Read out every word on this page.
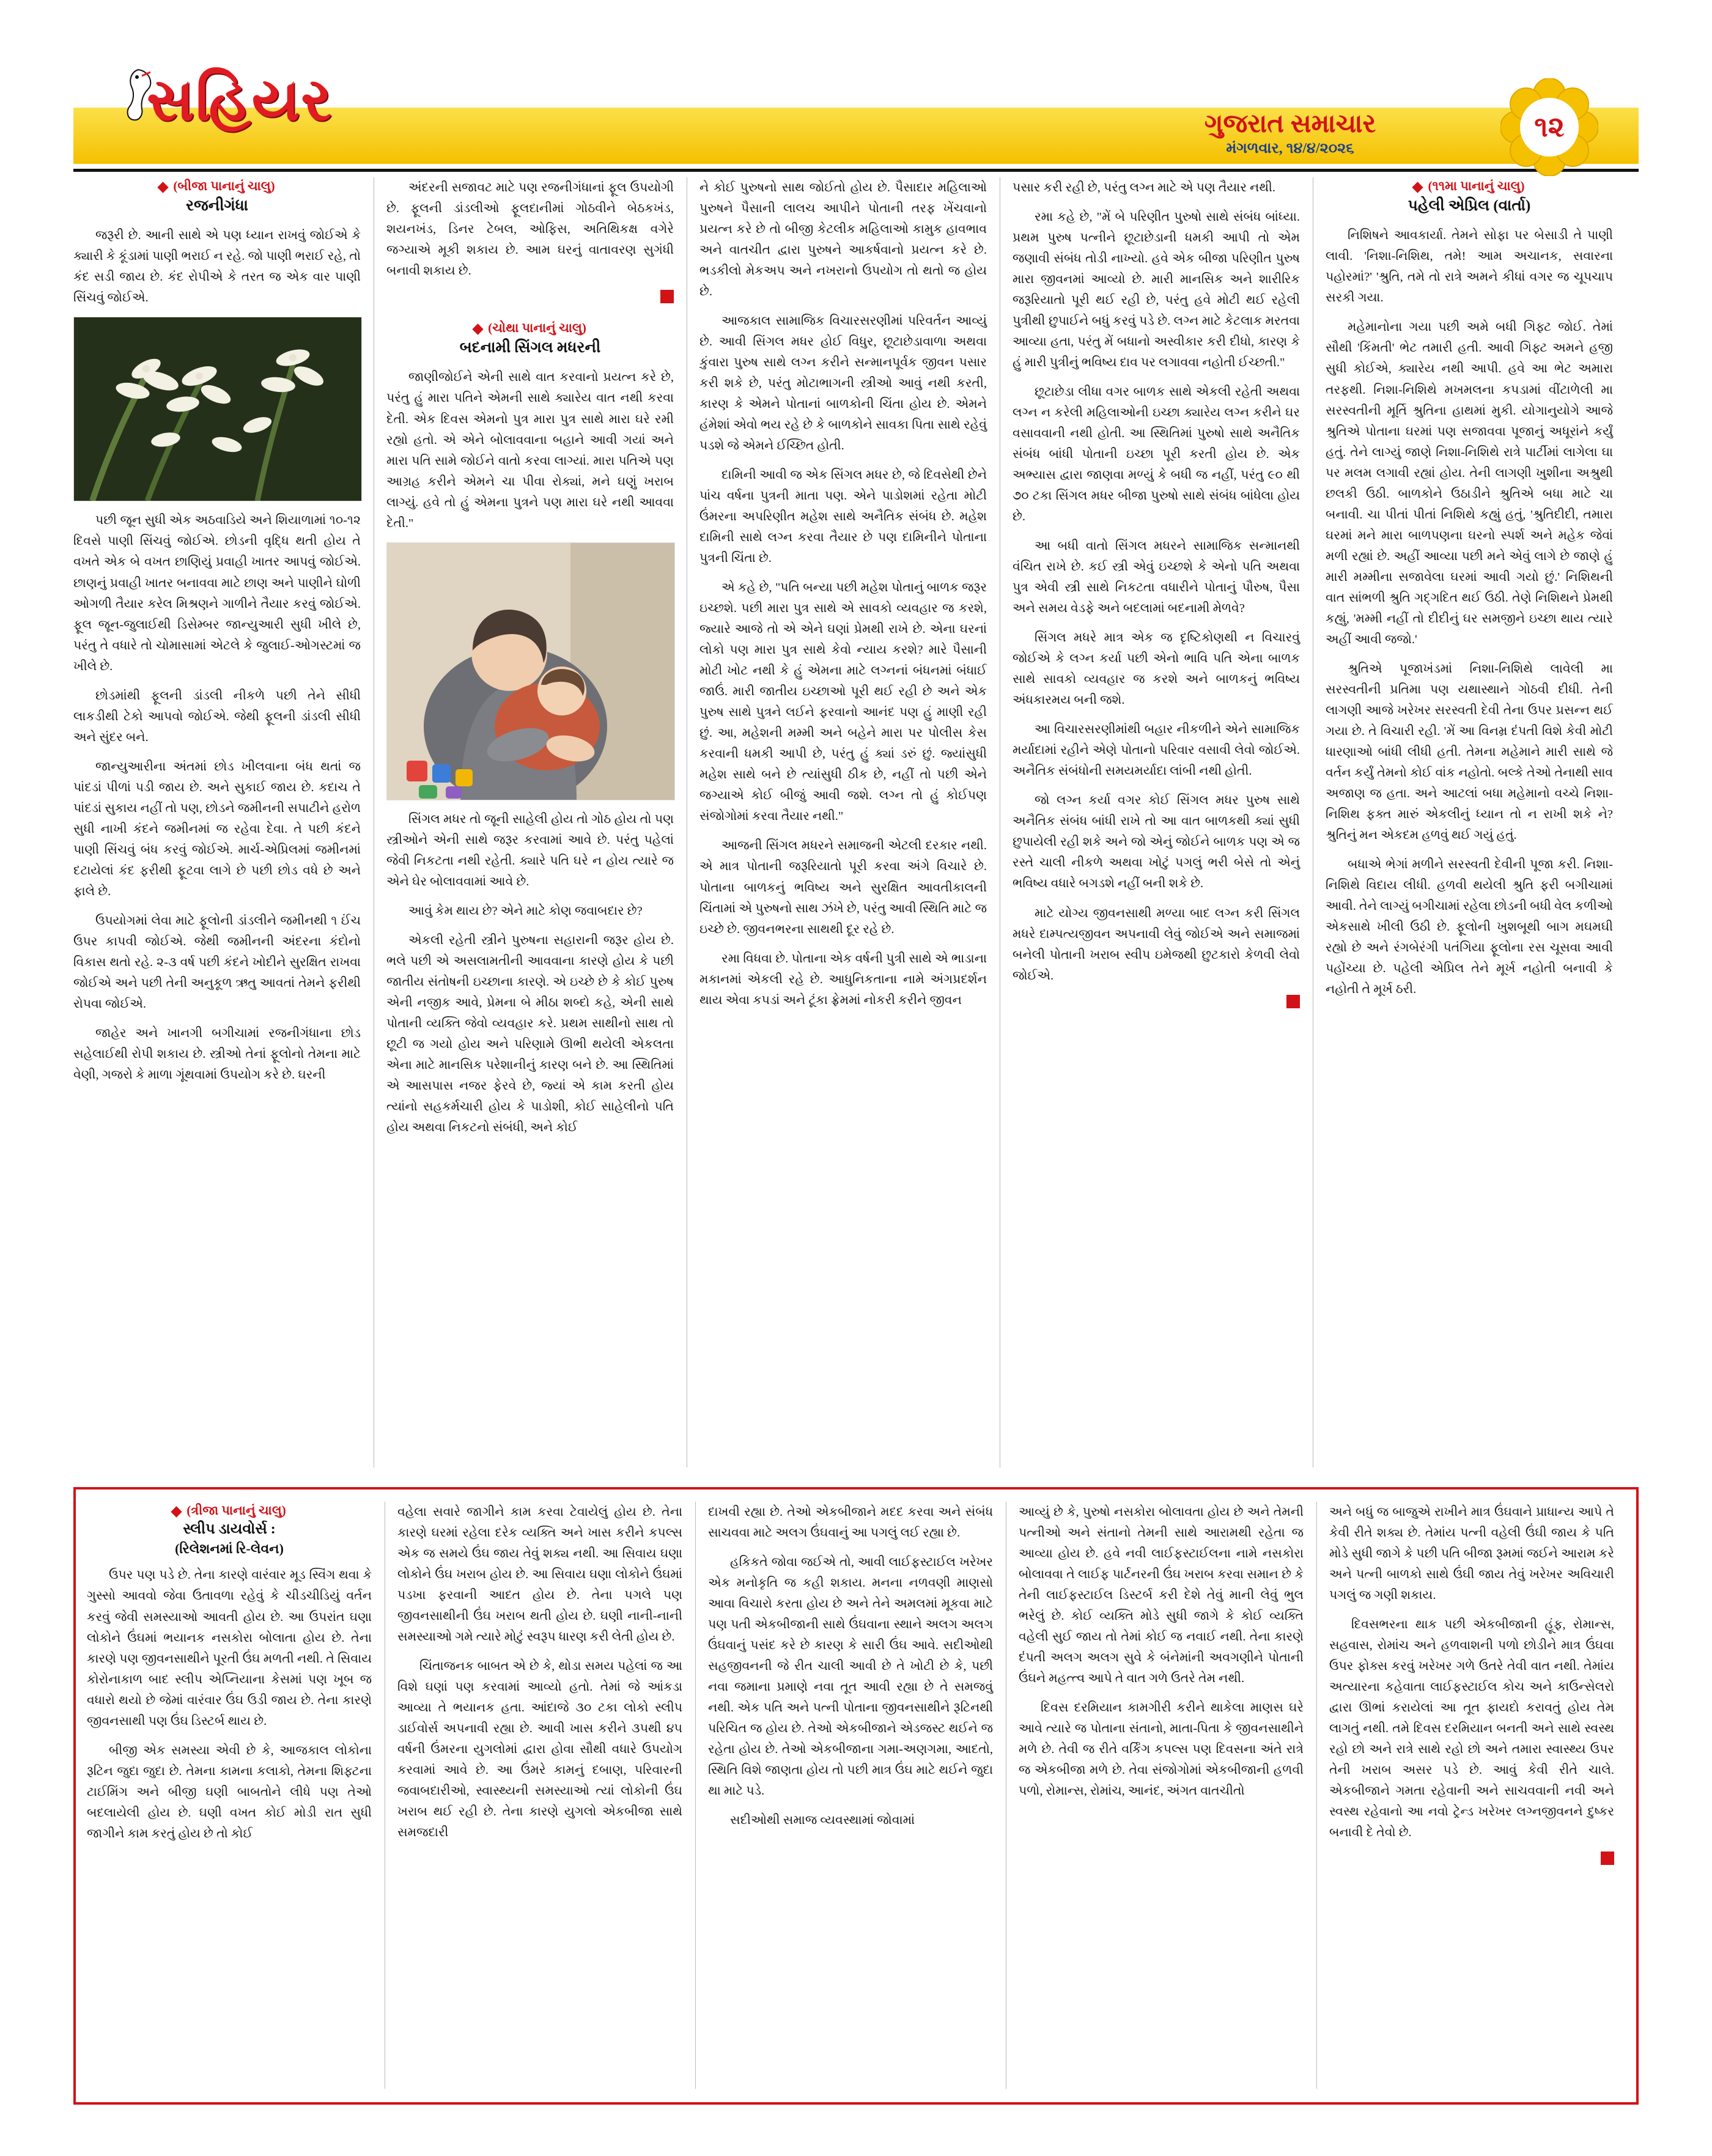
સહિયર	ગુજરાત સમાચાર
મંગળવાર, ૧૪/૪/૨૦૨૬
૧૨
(બીજા પાનાનું ચાલુ)
રજનીગંધા

જરૂરી છે. આની સાથે એ પણ ધ્યાન રાખવું જોઈએ કે ક્યારી કે કૂંડામાં પાણી ભરાઈ ન રહે. જો પાણી ભરાઈ રહે, તો કંદ સડી જાય છે. કંદ રોપીએ કે તરત જ એક વાર પાણી સિંચવું જોઈએ.

પછી જૂન સુધી એક અઠવાડિયે અને શિયાળામાં ૧૦-૧૨ દિવસે પાણી સિંચવું જોઈએ. છોડની વૃદ્ધિ થતી હોય તે વખતે એક બે વખત છાણિયું પ્રવાહી ખાતર આપવું જોઈએ. છાણનું પ્રવાહી ખાતર બનાવવા માટે છાણ અને પાણીને ઘોળી ઓગળી તૈયાર કરેલ મિશ્રણને ગાળીને તૈયાર કરવું જોઈએ. ફૂલ જૂન-જુલાઈથી ડિસેમ્બર જાન્યુઆરી સુધી ખીલે છે, પરંતુ તે વધારે તો ચોમાસામાં એટલે કે જુલાઈ-ઓગસ્ટમાં જ ખીલે છે.

છોડમાંથી ફૂલની ડાંડલી નીકળે પછી તેને સીધી લાકડીથી ટેકો આપવો જોઈએ. જેથી ફૂલની ડાંડલી સીધી અને સુંદર બને.

જાન્યુઆરીના અંતમાં છોડ ખીલવાના બંધ થતાં જ પાંદડાં પીળાં પડી જાય છે. અને સુકાઈ જાય છે. કદાચ તે પાંદડાં સુકાય નહીં તો પણ, છોડને જમીનની સપાટીને હરોળ સુધી નાખી કંદને જમીનમાં જ રહેવા દેવા. તે પછી કંદને પાણી સિંચવું બંધ કરવું જોઈએ. માર્ચ-એપ્રિલમાં જમીનમાં દટાયેલાં કંદ ફરીથી ફૂટવા લાગે છે પછી છોડ વધે છે અને ફાલે છે.

ઉપયોગમાં લેવા માટે ફૂલોની ડાંડલીને જમીનથી ૧ ઈંચ ઉપર કાપવી જોઈએ. જેથી જમીનની અંદરના કંદોનો વિકાસ થતો રહે. ૨-૩ વર્ષ પછી કંદને ખોદીને સુરક્ષિત રાખવા જોઈએ અને પછી તેની અનુકૂળ ઋતુ આવતાં તેમને ફરીથી રોપવા જોઈએ.

જાહેર અને ખાનગી બગીચામાં રજનીગંધાના છોડ સહેલાઈથી રોપી શકાય છે. સ્ત્રીઓ તેનાં ફૂલોનો તેમના માટે વેણી, ગજરો કે માળા ગૂંથવામાં ઉપયોગ કરે છે. ઘરની

અંદરની સજાવટ માટે પણ રજનીગંધાનાં ફૂલ ઉપયોગી છે. ફૂલની ડાંડલીઓ ફૂલદાનીમાં ગોઠવીને બેઠકખંડ, શયનખંડ, ડિનર ટેબલ, ઓફિસ, અતિથિકક્ષ વગેરે જગ્યાએ મૂકી શકાય છે. આમ ઘરનું વાતાવરણ સુગંધી બનાવી શકાય છે.

(ચોથા પાનાનું ચાલુ)
બદનામી સિંગલ મધરની

જાણીજોઈને એની સાથે વાત કરવાનો પ્રયત્ન કરે છે, પરંતુ હું મારા પતિને એમની સાથે ક્યારેય વાત નથી કરવા દેતી. એક દિવસ એમનો પુત્ર મારા પુત્ર સાથે મારા ઘરે રમી રહ્યો હતો. એ એને બોલાવવાના બહાને આવી ગયાં અને મારા પતિ સામે જોઈને વાતો કરવા લાગ્યાં. મારા પતિએ પણ આગ્રહ કરીને એમને ચા પીવા રોક્યાં, મને ઘણું ખરાબ લાગ્યું. હવે તો હું એમના પુત્રને પણ મારા ઘરે નથી આવવા દેતી."

સિંગલ મધર તો જૂની સાહેલી હોય તો ગોઠ હોય તો પણ સ્ત્રીઓને એની સાથે જરૂર કરવામાં આવે છે. પરંતુ પહેલાં જેવી નિકટતા નથી રહેતી. ક્યારે પતિ ઘરે ન હોય ત્યારે જ એને ઘેર બોલાવવામાં આવે છે.

આવું કેમ થાય છે? એને માટે કોણ જવાબદાર છે?

એકલી રહેતી સ્ત્રીને પુરુષના સહારાની જરૂર હોય છે. ભલે પછી એ અસલામતીની આવવાના કારણે હોય કે પછી જાતીય સંતોષની ઇચ્છાના કારણે. એ ઇચ્છે છે કે કોઈ પુરુષ એની નજીક આવે, પ્રેમના બે મીઠા શબ્દો કહે, એની સાથે પોતાની વ્યક્તિ જેવો વ્યવહાર કરે. પ્રથમ સાથીનો સાથ તો છૂટી જ ગયો હોય અને પરિણામે ઊભી થયેલી એકલતા એના માટે માનસિક પરેશાનીનું કારણ બને છે. આ સ્થિતિમાં એ આસપાસ નજર ફેરવે છે, જ્યાં એ કામ કરતી હોય ત્યાંનો સહકર્મચારી હોય કે પાડોશી, કોઈ સાહેલીનો પતિ હોય અથવા નિકટનો સંબંધી, અને કોઈ

ને કોઈ પુરુષનો સાથ જોઈતો હોય છે. પૈસાદાર મહિલાઓ પુરુષને પૈસાની લાલચ આપીને પોતાની તરફ ખેંચવાનો પ્રયત્ન કરે છે તો બીજી કેટલીક મહિલાઓ કામુક હાવભાવ અને વાતચીત દ્વારા પુરુષને આકર્ષવાનો પ્રયત્ન કરે છે. ભડકીલો મેકઅપ અને નખરાનો ઉપયોગ તો થતો જ હોય છે.

આજકાલ સામાજિક વિચારસરણીમાં પરિવર્તન આવ્યું છે. આવી સિંગલ મધર હોઈ વિધુર, છૂટાછેડાવાળા અથવા કુંવારા પુરુષ સાથે લગ્ન કરીને સન્માનપૂર્વક જીવન પસાર કરી શકે છે, પરંતુ મોટાભાગની સ્ત્રીઓ આવું નથી કરતી, કારણ કે એમને પોતાનાં બાળકોની ચિંતા હોય છે. એમને હંમેશાં એવો ભય રહે છે કે બાળકોને સાવકા પિતા સાથે રહેવું પડશે જે એમને ઈચ્છિત હોતી.

દામિની આવી જ એક સિંગલ મધર છે, જે દિવસેથી છેને પાંચ વર્ષના પુત્રની માતા પણ. એને પાડોશમાં રહેતા મોટી ઉંમરના અપરિણીત મહેશ સાથે અનૈતિક સંબંધ છે. મહેશ દામિની સાથે લગ્ન કરવા તૈયાર છે પણ દામિનીને પોતાના પુત્રની ચિંતા છે.

એ કહે છે, "પતિ બન્યા પછી મહેશ પોતાનું બાળક જરૂર ઇચ્છશે. પછી મારા પુત્ર સાથે એ સાવકો વ્યવહાર જ કરશે, જ્યારે આજે તો એ એને ઘણાં પ્રેમથી રાખે છે. એના ઘરનાં લોકો પણ મારા પુત્ર સાથે કેવો ન્યાય કરશે? મારે પૈસાની મોટી ખોટ નથી કે હું એમના માટે લગ્નનાં બંધનમાં બંધાઈ જાઉં. મારી જાતીય ઇચ્છાઓ પૂરી થઈ રહી છે અને એક પુરુષ સાથે પુત્રને લઈને ફરવાનો આનંદ પણ હું માણી રહી છું. આ, મહેશની મમ્મી અને બહેને મારા પર પોલીસ કેસ કરવાની ધમકી આપી છે, પરંતુ હું ક્યાં ડરું છું. જ્યાંસુધી મહેશ સાથે બને છે ત્યાંસુધી ઠીક છે, નહીં તો પછી એને જગ્યાએ કોઈ બીજું આવી જશે. લગ્ન તો હું કોઈપણ સંજોગોમાં કરવા તૈયાર નથી."

આજની સિંગલ મધરને સમાજની એટલી દરકાર નથી. એ માત્ર પોતાની જરૂરિયાતો પૂરી કરવા અંગે વિચારે છે. પોતાના બાળકનું ભવિષ્ય અને સુરક્ષિત આવતીકાલની ચિંતામાં એ પુરુષનો સાથ ઝંખે છે, પરંતુ આવી સ્થિતિ માટે જ ઇચ્છે છે. જીવનભરના સાથથી દૂર રહે છે.

રમા વિધવા છે. પોતાના એક વર્ષની પુત્રી સાથે એ ભાડાના મકાનમાં એકલી રહે છે. આધુનિકતાના નામે અંગપ્રદર્શન થાય એવા કપડાં અને ટૂંકા ફ્રેમમાં નોકરી કરીને જીવન

પસાર કરી રહી છે, પરંતુ લગ્ન માટે એ પણ તૈયાર નથી.

રમા કહે છે, "મેં બે પરિણીત પુરુષો સાથે સંબંધ બાંધ્યા. પ્રથમ પુરુષ પત્નીને છૂટાછેડાની ધમકી આપી તો એમ જણાવી સંબંધ તોડી નાખ્યો. હવે એક બીજા પરિણીત પુરુષ મારા જીવનમાં આવ્યો છે. મારી માનસિક અને શારીરિક જરૂરિયાતો પૂરી થઈ રહી છે, પરંતુ હવે મોટી થઈ રહેલી પુત્રીથી છુપાઈને બધું કરવું પડે છે. લગ્ન માટે કેટલાક મરતવા આવ્યા હતા, પરંતુ મેં બધાનો અસ્વીકાર કરી દીધો, કારણ કે હું મારી પુત્રીનું ભવિષ્ય દાવ પર લગાવવા નહોતી ઈચ્છતી."

છૂટાછેડા લીધા વગર બાળક સાથે એકલી રહેતી અથવા લગ્ન ન કરેલી મહિલાઓની ઇચ્છા ક્યારેય લગ્ન કરીને ઘર વસાવવાની નથી હોતી. આ સ્થિતિમાં પુરુષો સાથે અનૈતિક સંબંધ બાંધી પોતાની ઇચ્છા પૂરી કરતી હોય છે. એક અભ્યાસ દ્વારા જાણવા મળ્યું કે બધી જ નહીં, પરંતુ ૯૦ થી ૭૦ ટકા સિંગલ મધર બીજા પુરુષો સાથે સંબંધ બાંધેલા હોય છે.

આ બધી વાતો સિંગલ મધરને સામાજિક સન્માનથી વંચિત રાખે છે. કઈ સ્ત્રી એવું ઇચ્છશે કે એનો પતિ અથવા પુત્ર એવી સ્ત્રી સાથે નિકટતા વધારીને પોતાનું પૌરુષ, પૈસા અને સમય વેડફે અને બદલામાં બદનામી મેળવે?

સિંગલ મધરે માત્ર એક જ દૃષ્ટિકોણથી ન વિચારવું જોઈએ કે લગ્ન કર્યા પછી એનો ભાવિ પતિ એના બાળક સાથે સાવકો વ્યવહાર જ કરશે અને બાળકનું ભવિષ્ય અંધકારમય બની જશે.

આ વિચારસરણીમાંથી બહાર નીકળીને એને સામાજિક મર્યાદામાં રહીને એણે પોતાનો પરિવાર વસાવી લેવો જોઈએ. અનૈતિક સંબંધોની સમયમર્યાદા લાંબી નથી હોતી.

જો લગ્ન કર્યા વગર કોઈ સિંગલ મધર પુરુષ સાથે અનૈતિક સંબંધ બાંધી રાખે તો આ વાત બાળકથી ક્યાં સુધી છુપાયેલી રહી શકે અને જો એનું જોઈને બાળક પણ એ જ રસ્તે ચાલી નીકળે અથવા ખોટું પગલું ભરી બેસે તો એનું ભવિષ્ય વધારે બગડશે નહીં બની શકે છે.

માટે યોગ્ય જીવનસાથી મળ્યા બાદ લગ્ન કરી સિંગલ મધરે દામ્પત્યજીવન અપનાવી લેવું જોઈએ અને સમાજમાં બનેલી પોતાની ખરાબ સ્વીપ ઇમેજથી છુટકારો કેળવી લેવો જોઈએ.

(૧૧મા પાનાનું ચાલુ)
પહેલી એપ્રિલ (વાર્તા)

નિશિષને આવકાર્યા. તેમને સોફા પર બેસાડી તે પાણી લાવી. 'નિશા-નિશિથ, તમે! આમ અચાનક, સવારના પહોરમાં?' 'શ્રુતિ, તમે તો રાત્રે અમને કીધાં વગર જ ચૂપચાપ સરકી ગયા.

મહેમાનોના ગયા પછી અમે બધી ગિફ્ટ જોઈ. તેમાં સૌથી 'કિંમતી' ભેટ તમારી હતી. આવી ગિફ્ટ અમને હજી સુધી કોઈએ, ક્યારેય નથી આપી. હવે આ ભેટ અમારા તરફથી. નિશા-નિશિથે મખમલના કપડામાં વીંટાળેલી મા સરસ્વતીની મૂર્તિ શ્રુતિના હાથમાં મુકી. યોગાનુયોગે આજે શ્રુતિએ પોતાના ઘરમાં પણ સજાવવા પૂજાનું અધૂરાંને કર્યું હતું. તેને લાગ્યું જાણે નિશા-નિશિથે રાત્રે પાર્ટીમાં લાગેલા ઘા પર મલમ લગાવી રહ્યાં હોય. તેની લાગણી ખુશીના અશ્રુથી છલકી ઉઠી. બાળકોને ઉઠાડીને શ્રુતિએ બધા માટે ચા બનાવી. ચા પીતાં પીતાં નિશિથે કહ્યું હતું, 'શ્રુતિદીદી, તમારા ઘરમાં મને મારા બાળપણના ઘરનો સ્પર્શ અને મહેક જેવાં મળી રહ્યાં છે. અહીં આવ્યા પછી મને એવું લાગે છે જાણે હું મારી મમ્મીના સજાવેલા ઘરમાં આવી ગયો છું.' નિશિથની વાત સાંભળી શ્રુતિ ગદ્ગદિત થઈ ઉઠી. તેણે નિશિથને પ્રેમથી કહ્યું, 'મમ્મી નહીં તો દીદીનું ઘર સમજીને ઇચ્છા થાય ત્યારે અહીં આવી જજો.'

શ્રુતિએ પૂજાખંડમાં નિશા-નિશિથે લાવેલી મા સરસ્વતીની પ્રતિમા પણ યથાસ્થાને ગોઠવી દીધી. તેની લાગણી આજે ખરેખર સરસ્વતી દેવી તેના ઉપર પ્રસન્ન થઈ ગયા છે. તે વિચારી રહી. 'મેં આ વિનમ્ર દંપતી વિશે કેવી મોટી ધારણાઓ બાંધી લીધી હતી. તેમના મહેમાને મારી સાથે જે વર્તન કર્યું તેમનો કોઈ વાંક નહોતો. બલ્કે તેઓ તેનાથી સાવ અજાણ જ હતા. અને આટલાં બધા મહેમાનો વચ્ચે નિશા-નિશિથ ફક્ત મારું એકલીનું ધ્યાન તો ન રાખી શકે ને? શ્રુતિનું મન એકદમ હળવું થઈ ગયું હતું.

બધાએ ભેગાં મળીને સરસ્વતી દેવીની પૂજા કરી. નિશા-નિશિથે વિદાય લીધી. હળવી થયેલી શ્રુતિ ફરી બગીચામાં આવી. તેને લાગ્યું બગીચામાં રહેલા છોડની બધી વેલ કળીઓ એકસાથે ખીલી ઉઠી છે. ફૂલોની ખુશબૂથી બાગ મઘમઘી રહ્યો છે અને રંગબેરંગી પતંગિયા ફૂલોના રસ ચૂસવા આવી પહોંચ્યા છે. પહેલી એપ્રિલ તેને મૂર્ખ નહોતી બનાવી કે નહોતી તે મૂર્ખ ઠરી.

(ત્રીજા પાનાનું ચાલુ)
સ્લીપ ડાયવોર્સ :
(રિલેશનમાં રિ-લેવન)

ઉપર પણ પડે છે. તેના કારણે વારંવાર મૂડ સ્વિંગ થવા કે ગુસ્સો આવવો જેવા ઉતાવળા રહેવું કે ચીડચીડિયું વર્તન કરવું જેવી સમસ્યાઓ આવતી હોય છે. આ ઉપરાંત ઘણા લોકોને ઉંઘમાં ભયાનક નસકોરા બોલાતા હોય છે. તેના કારણે પણ જીવનસાથીને પૂરતી ઉંઘ મળતી નથી. તે સિવાય કોરોનાકાળ બાદ સ્લીપ એપ્નિયાના કેસમાં પણ ખૂબ જ વધારો થયો છે જેમાં વારંવાર ઉંઘ ઉડી જાય છે. તેના કારણે જીવનસાથી પણ ઉંઘ ડિસ્ટર્બ થાય છે.

બીજી એક સમસ્યા એવી છે કે, આજકાલ લોકોના રૂટિન જુદા જુદા છે. તેમના કામના કલાકો, તેમના શિફ્ટના ટાઈમિંગ અને બીજી ઘણી બાબતોને લીધે પણ તેઓ બદલાયેલી હોય છે. ઘણી વખત કોઈ મોડી રાત સુધી જાગીને કામ કરતું હોય છે તો કોઈ

વહેલા સવારે જાગીને કામ કરવા ટેવાયેલું હોય છે. તેના કારણે ઘરમાં રહેલા દરેક વ્યક્તિ અને ખાસ કરીને કપલ્સ એક જ સમયે ઉંઘ જાય તેવું શક્ય નથી. આ સિવાય ઘણા લોકોને ઉંઘ ખરાબ હોય છે. આ સિવાય ઘણા લોકોને ઉંઘમાં પડખા ફરવાની આદત હોય છે. તેના પગલે પણ જીવનસાથીની ઉંઘ ખરાબ થતી હોય છે. ઘણી નાની-નાની સમસ્યાઓ ગમે ત્યારે મોટું સ્વરૂપ ધારણ કરી લેતી હોય છે.

ચિંતાજનક બાબત એ છે કે, થોડા સમય પહેલાં જ આ વિશે ઘણાં પણ કરવામાં આવ્યો હતો. તેમાં જે આંકડા આવ્યા તે ભયાનક હતા. આંદાજે ૩૦ ટકા લોકો સ્લીપ ડાઈવોર્સ અપનાવી રહ્યા છે. આવી ખાસ કરીને ૩૫થી ૪૫ વર્ષની ઉંમરના યુગલોમાં દ્વારા હોવા સૌથી વધારે ઉપયોગ કરવામાં આવે છે. આ ઉંમરે કામનું દબાણ, પરિવારની જવાબદારીઓ, સ્વાસ્થ્યની સમસ્યાઓ ત્યાં લોકોની ઉંઘ ખરાબ થઈ રહી છે. તેના કારણે યુગલો એકબીજા સાથે સમજદારી

દાખવી રહ્યા છે. તેઓ એકબીજાને મદદ કરવા અને સંબંધ સાચવવા માટે અલગ ઉંઘવાનું આ પગલું લઈ રહ્યા છે.

હકિકતે જોવા જઈએ તો, આવી લાઈફસ્ટાઈલ ખરેખર એક મનોકૃતિ જ કહી શકાય. મનના નળવણી માણસો આવા વિચારો કરતા હોય છે અને તેને અમલમાં મૂકવા માટે પણ પતી એકબીજાની સાથે ઉંઘવાના સ્થાને અલગ અલગ ઉંઘવાનું પસંદ કરે છે કારણ કે સારી ઉંઘ આવે. સદીઓથી સહજીવનની જે રીત ચાલી આવી છે તે ખોટી છે કે, પછી નવા જમાના પ્રમાણે નવા તૂત આવી રહ્યા છે તે સમજવું નથી. એક પતિ અને પત્ની પોતાના જીવનસાથીને રૂટિનથી પરિચિત જ હોય છે. તેઓ એકબીજાને એડજસ્ટ થઈને જ રહેતા હોય છે. તેઓ એકબીજાના ગમા-અણગમા, આદતો, સ્થિતિ વિશે જાણતા હોય તો પછી માત્ર ઉંઘ માટે થઈને જુદા થા માટે પડે.

સદીઓથી સમાજ વ્યવસ્થામાં જોવામાં

આવ્યું છે કે, પુરુષો નસકોરા બોલાવતા હોય છે અને તેમની પત્નીઓ અને સંતાનો તેમની સાથે આરામથી રહેતા જ આવ્યા હોય છે. હવે નવી લાઈફસ્ટાઈલના નામે નસકોરા બોલાવવા તે લાઈફ પાર્ટનરની ઉંઘ ખરાબ કરવા સમાન છે કે તેની લાઈફસ્ટાઈલ ડિસ્ટર્બ કરી દેશે તેવું માની લેવું ભુલ ભરેલું છે. કોઈ વ્યક્તિ મોડે સુધી જાગે કે કોઈ વ્યક્તિ વહેલી સુઈ જાય તો તેમાં કોઈ જ નવાઈ નથી. તેના કારણે દંપતી અલગ અલગ સુવે કે બંનેમાંની અવગણીને પોતાની ઉંઘને મહત્ત્વ આપે તે વાત ગળે ઉતરે તેમ નથી.

દિવસ દરમિયાન કામગીરી કરીને થાકેલા માણસ ઘરે આવે ત્યારે જ પોતાના સંતાનો, માતા-પિતા કે જીવનસાથીને મળે છે. તેવી જ રીતે વર્કિંગ કપલ્સ પણ દિવસના અંતે રાત્રે જ એકબીજા મળે છે. તેવા સંજોગોમાં એકબીજાની હળવી પળો, રોમાન્સ, રોમાંચ, આનંદ, અંગત વાતચીતો

અને બધું જ બાજુએ રાખીને માત્ર ઉંઘવાને પ્રાધાન્ય આપે તે કેવી રીતે શક્ય છે. તેમાંય પત્ની વહેલી ઉંઘી જાય કે પતિ મોડે સુધી જાગે કે પછી પતિ બીજા રૂમમાં જઈને આરામ કરે અને પત્ની બાળકો સાથે ઉંઘી જાય તેવું ખરેખર અવિચારી પગલું જ ગણી શકાય.

દિવસભરના થાક પછી એકબીજાની હૂંફ, રોમાન્સ, સહવાસ, રોમાંચ અને હળવાશની પળો છોડીને માત્ર ઉંઘવા ઉપર ફોક્સ કરવું ખરેખર ગળે ઉતરે તેવી વાત નથી. તેમાંય અત્યારના કહેવાતા લાઈફસ્ટાઈલ કોચ અને કાઉન્સેલરો દ્વારા ઊભાં કરાયેલાં આ તૂત ફાયદો કરાવતું હોય તેમ લાગતું નથી. તમે દિવસ દરમિયાન બનતી અને સાથે સ્વસ્થ રહો છો અને રાત્રે સાથે રહો છો અને તમારા સ્વાસ્થ્ય ઉપર તેની ખરાબ અસર પડે છે. આવું કેવી રીતે ચાલે. એકબીજાને ગમતા રહેવાની અને સાચવવાની નવી અને સ્વસ્થ રહેવાનો આ નવો ટ્રેન્ડ ખરેખર લગ્નજીવનને દુષ્કર બનાવી દે તેવો છે.
